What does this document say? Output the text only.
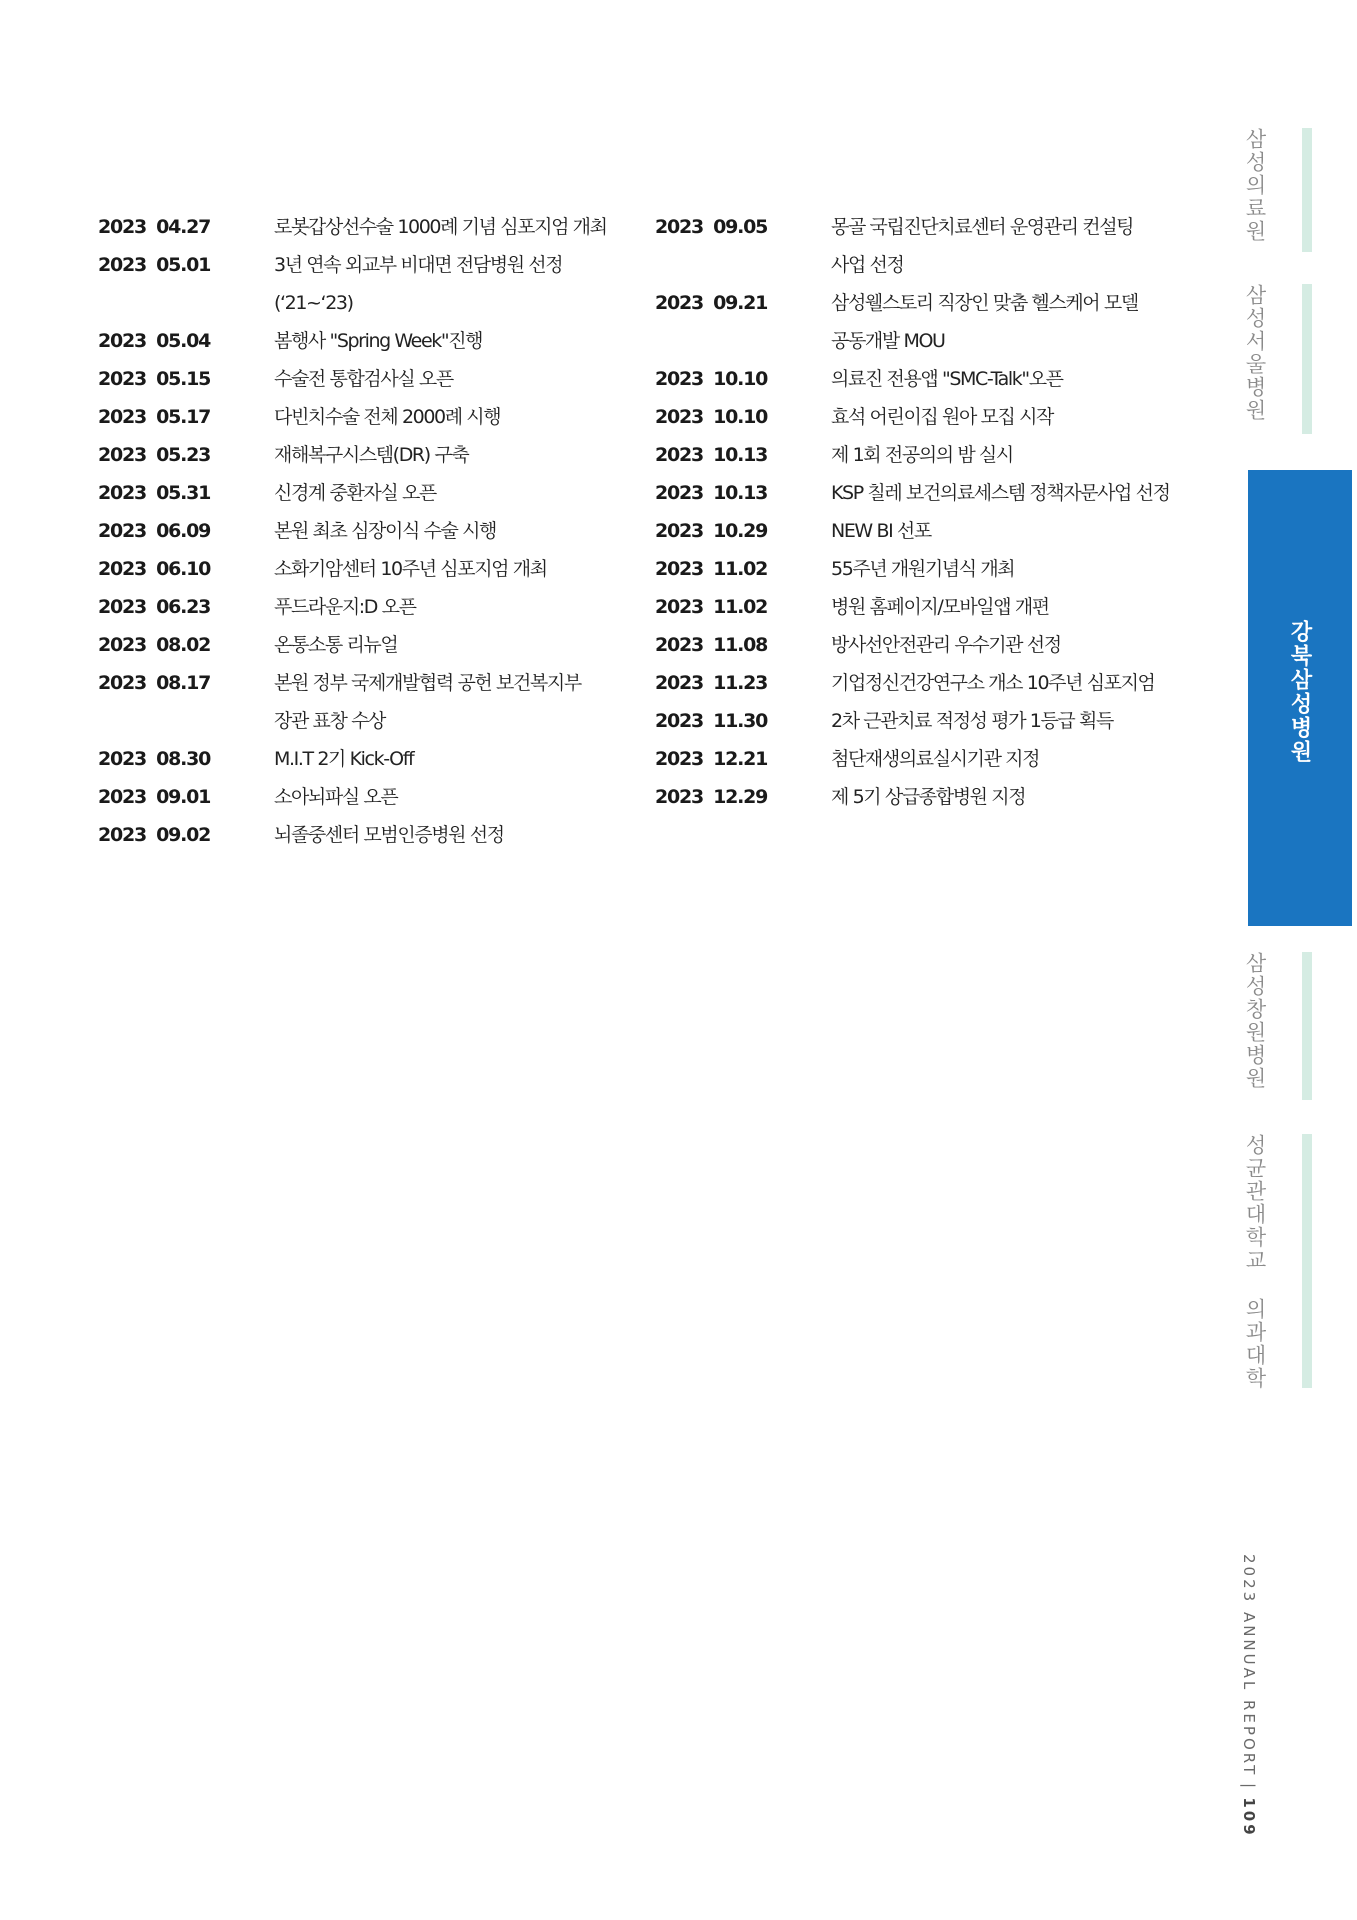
2023 04.27	로봇갑상선수술 1000례 기념 심포지엄 개최
2023 05.01	3년 연속 외교부 비대면 전담병원 선정
(‘21~‘23)
2023 05.04	봄행사 "Spring Week"진행
2023 05.15	수술전 통합검사실 오픈
2023 05.17	다빈치수술 전체 2000례 시행
2023 05.23	재해복구시스템(DR) 구축
2023 05.31	신경계 중환자실 오픈
2023 06.09	본원 최초 심장이식 수술 시행
2023 06.10	소화기암센터 10주년 심포지엄 개최
2023 06.23	푸드라운지:D 오픈
2023 08.02	온통소통 리뉴얼
2023 08.17	본원 정부 국제개발협력 공헌 보건복지부
장관 표창 수상
2023 08.30	M.I.T 2기 Kick-Off
2023 09.01	소아뇌파실 오픈
2023 09.02	뇌졸중센터 모범인증병원 선정
2023 09.05	몽골 국립진단치료센터 운영관리 컨설팅
사업 선정
2023 09.21	삼성웰스토리 직장인 맞춤 헬스케어 모델
공동개발 MOU
2023 10.10	의료진 전용앱 "SMC-Talk"오픈
2023 10.10	효석 어린이집 원아 모집 시작
2023 10.13	제 1회 전공의의 밤 실시
2023 10.13	KSP 칠레 보건의료세스템 정책자문사업 선정
2023 10.29	NEW BI 선포
2023 11.02	55주년 개원기념식 개최
2023 11.02	병원 홈페이지/모바일앱 개편
2023 11.08	방사선안전관리 우수기관 선정
2023 11.23	기업정신건강연구소 개소 10주년 심포지엄
2023 11.30	2차 근관치료 적정성 평가 1등급 획득
2023 12.21	첨단재생의료실시기관 지정
2023 12.29	제 5기 상급종합병원 지정
삼성의료원
삼성서울병원
강북삼성병원
삼성창원병원
성균관대학교 의과대학
2023 ANNUAL REPORT|109
